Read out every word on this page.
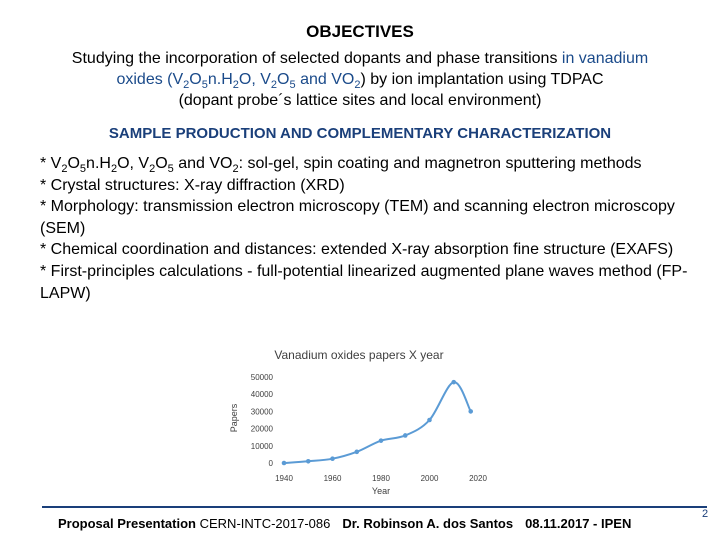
OBJECTIVES
Studying the incorporation of selected dopants and phase transitions in vanadium
oxides ($V_2O_5n.H_2O$, $V_2O_5$ and $VO_2$) by ion implantation using TDPAC
(dopant probe´s lattice sites and local environment)
SAMPLE PRODUCTION AND COMPLEMENTARY CHARACTERIZATION
* $V_2O_5n.H_2O$, $V_2O_5$ and $VO_2$: sol-gel, spin coating and magnetron sputtering methods
* Crystal structures: X-ray diffraction (XRD)
* Morphology: transmission electron microscopy (TEM) and scanning electron microscopy (SEM)
* Chemical coordination and distances: extended X-ray absorption fine structure (EXAFS)
* First-principles calculations - full-potential linearized augmented plane waves method (FP-LAPW)
Vanadium oxides papers X year
Papers
Year
0
10000
20000
30000
40000
50000
1940	1960	1980	2000	2020
Proposal Presentation CERN-INTC-2017-086 Dr. Robinson A. dos Santos 08.11.2017 - IPEN
2
